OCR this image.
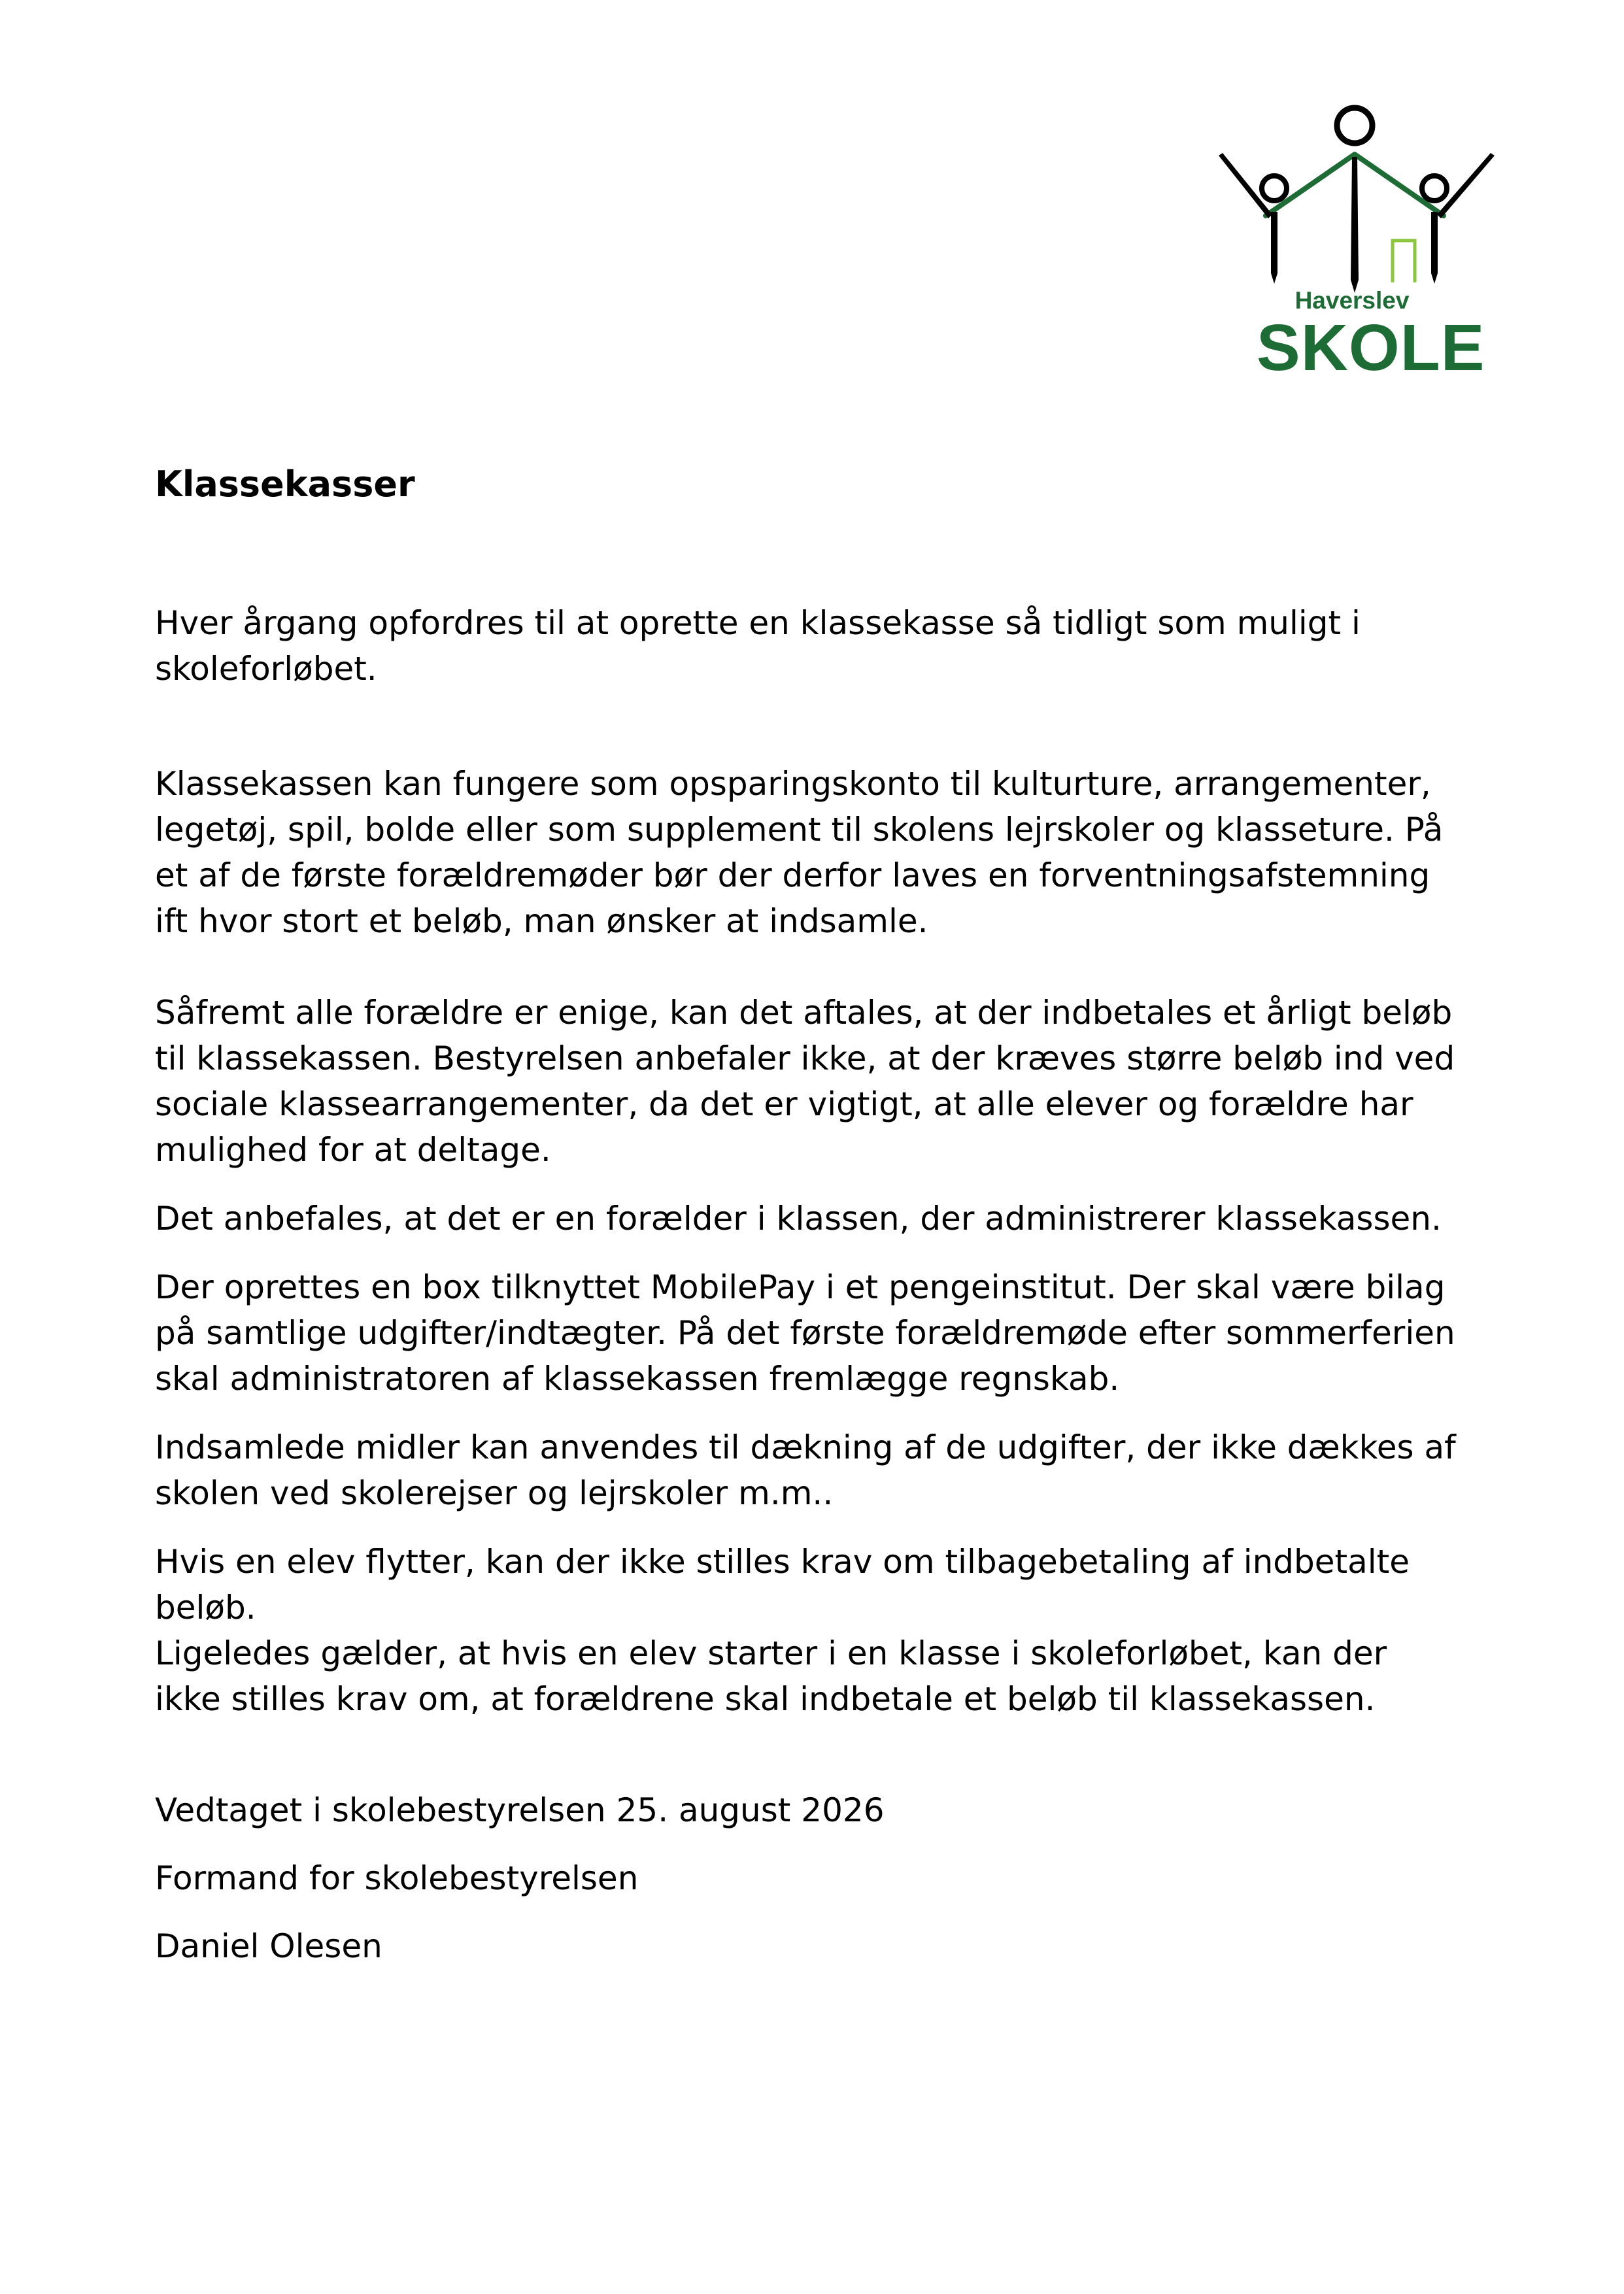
Haverslev
SKOLE
Klassekasser

Hver årgang opfordres til at oprette en klassekasse så tidligt som muligt i
skoleforløbet.

Klassekassen kan fungere som opsparingskonto til kulturture, arrangementer,
legetøj, spil, bolde eller som supplement til skolens lejrskoler og klasseture. På
et af de første forældremøder bør der derfor laves en forventningsafstemning
ift hvor stort et beløb, man ønsker at indsamle.

Såfremt alle forældre er enige, kan det aftales, at der indbetales et årligt beløb
til klassekassen. Bestyrelsen anbefaler ikke, at der kræves større beløb ind ved
sociale klassearrangementer, da det er vigtigt, at alle elever og forældre har
mulighed for at deltage.

Det anbefales, at det er en forælder i klassen, der administrerer klassekassen.

Der oprettes en box tilknyttet MobilePay i et pengeinstitut. Der skal være bilag
på samtlige udgifter/indtægter. På det første forældremøde efter sommerferien
skal administratoren af klassekassen fremlægge regnskab.

Indsamlede midler kan anvendes til dækning af de udgifter, der ikke dækkes af
skolen ved skolerejser og lejrskoler m.m..

Hvis en elev flytter, kan der ikke stilles krav om tilbagebetaling af indbetalte
beløb.
Ligeledes gælder, at hvis en elev starter i en klasse i skoleforløbet, kan der
ikke stilles krav om, at forældrene skal indbetale et beløb til klassekassen.

Vedtaget i skolebestyrelsen 25. august 2026

Formand for skolebestyrelsen

Daniel Olesen
